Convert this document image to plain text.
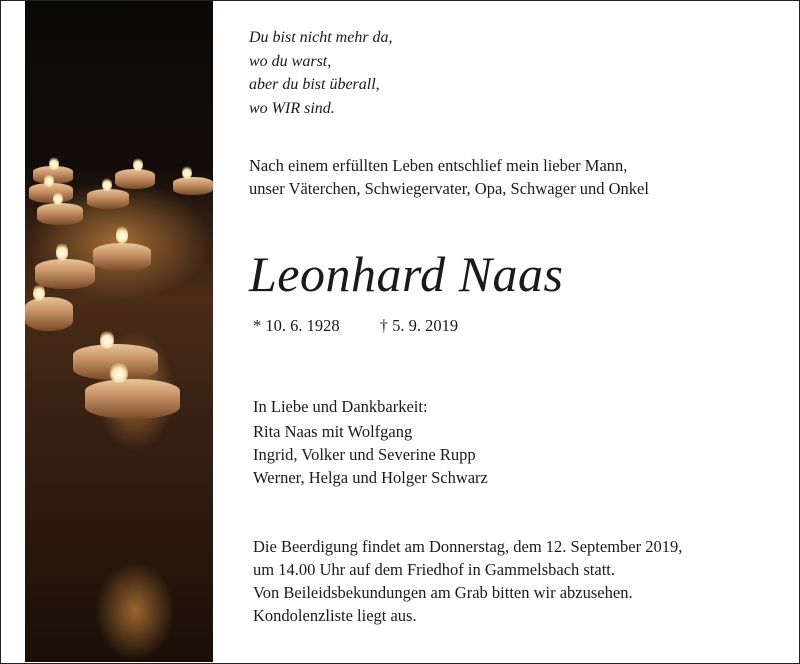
Du bist nicht mehr da,
wo du warst,
aber du bist überall,
wo WIR sind.
Nach einem erfüllten Leben entschlief mein lieber Mann,
unser Väterchen, Schwiegervater, Opa, Schwager und Onkel
Leonhard Naas
* 10. 6. 1928 † 5. 9. 2019
In Liebe und Dankbarkeit:
Rita Naas mit Wolfgang
Ingrid, Volker und Severine Rupp
Werner, Helga und Holger Schwarz
Die Beerdigung findet am Donnerstag, dem 12. September 2019,
um 14.00 Uhr auf dem Friedhof in Gammelsbach statt.
Von Beileidsbekundungen am Grab bitten wir abzusehen.
Kondolenzliste liegt aus.
